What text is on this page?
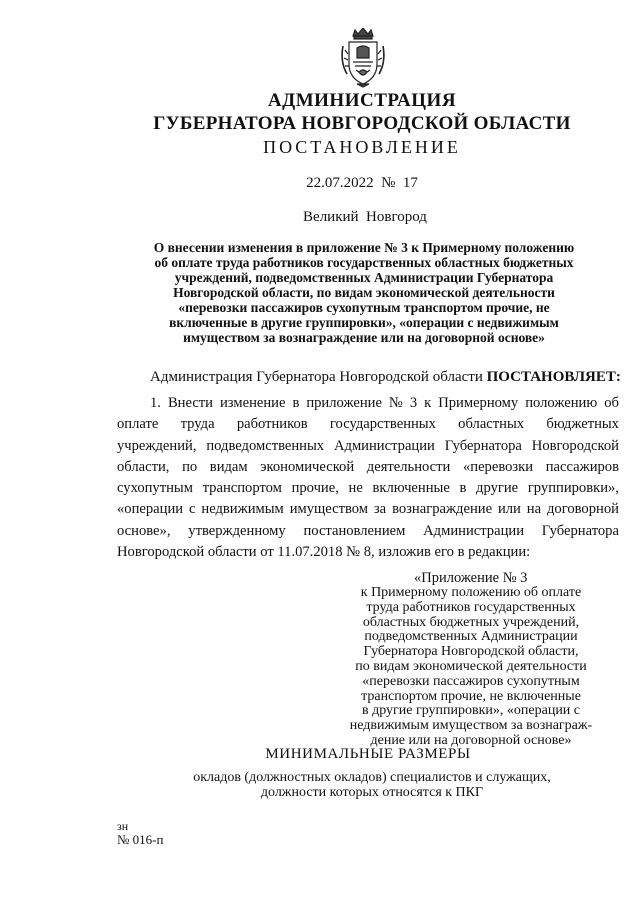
АДМИНИСТРАЦИЯ
ГУБЕРНАТОРА НОВГОРОДСКОЙ ОБЛАСТИ
ПОСТАНОВЛЕНИЕ
22.07.2022  №  17
Великий  Новгород
О внесении изменения в приложение № 3 к Примерному положению
об оплате труда работников государственных областных бюджетных
учреждений, подведомственных Администрации Губернатора
Новгородской области, по видам экономической деятельности
«перевозки пассажиров сухопутным транспортом прочие, не
включенные в другие группировки», «операции с недвижимым
имуществом за вознаграждение или на договорной основе»
Администрация Губернатора Новгородской области ПОСТАНОВЛЯЕТ:
1. Внести изменение в приложение № 3 к Примерному положению об
оплате труда работников государственных областных бюджетных
учреждений, подведомственных Администрации Губернатора Новгородской
области, по видам экономической деятельности «перевозки пассажиров
сухопутным транспортом прочие, не включенные в другие группировки»,
«операции с недвижимым имуществом за вознаграждение или на договорной
основе», утвержденному постановлением Администрации Губернатора
Новгородской области от 11.07.2018 № 8, изложив его в редакции:
«Приложение № 3
к Примерному положению об оплате
труда работников государственных
областных бюджетных учреждений,
подведомственных Администрации
Губернатора Новгородской области,
по видам экономической деятельности
«перевозки пассажиров сухопутным
транспортом прочие, не включенные
в другие группировки», «операции с
недвижимым имуществом за вознаграж-
дение или на договорной основе»
МИНИМАЛЬНЫЕ РАЗМЕРЫ
окладов (должностных окладов) специалистов и служащих,
должности которых относятся к ПКГ
зн
№ 016-п
